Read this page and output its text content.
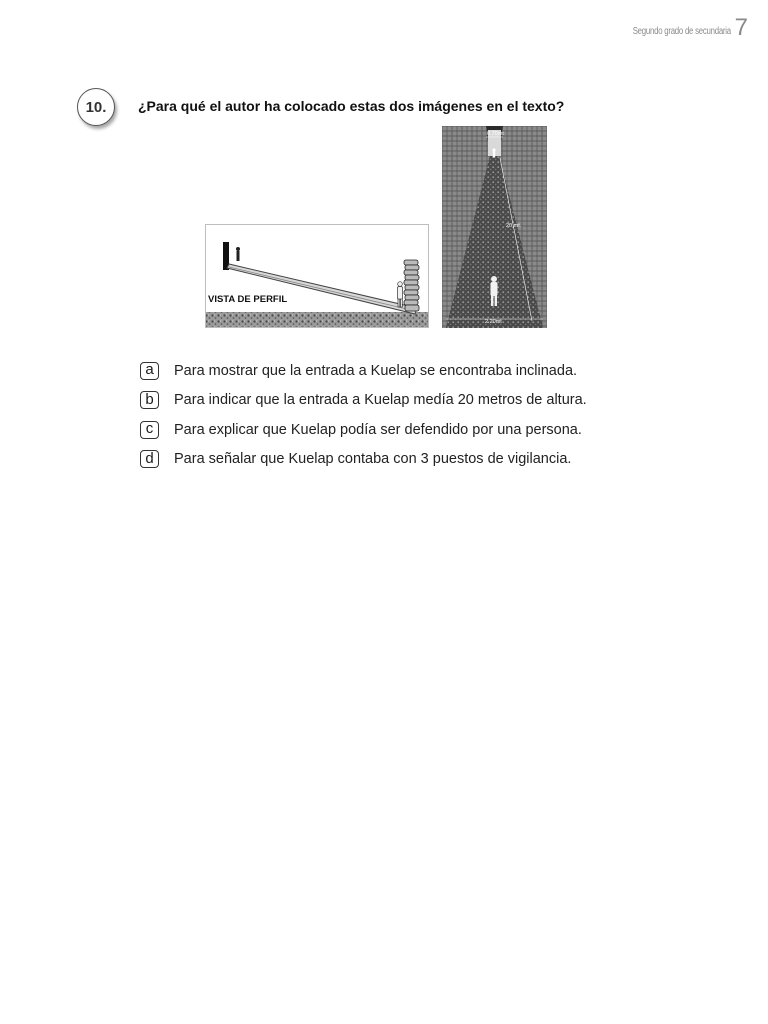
Segundo grado de secundaria 7
10. ¿Para qué el autor ha colocado estas dos imágenes en el texto?
VISTA DE PERFIL
0.70mt
20 mt.
2.20mt
a	Para mostrar que la entrada a Kuelap se encontraba inclinada.
b	Para indicar que la entrada a Kuelap medía 20 metros de altura.
c	Para explicar que Kuelap podía ser defendido por una persona.
d	Para señalar que Kuelap contaba con 3 puestos de vigilancia.
